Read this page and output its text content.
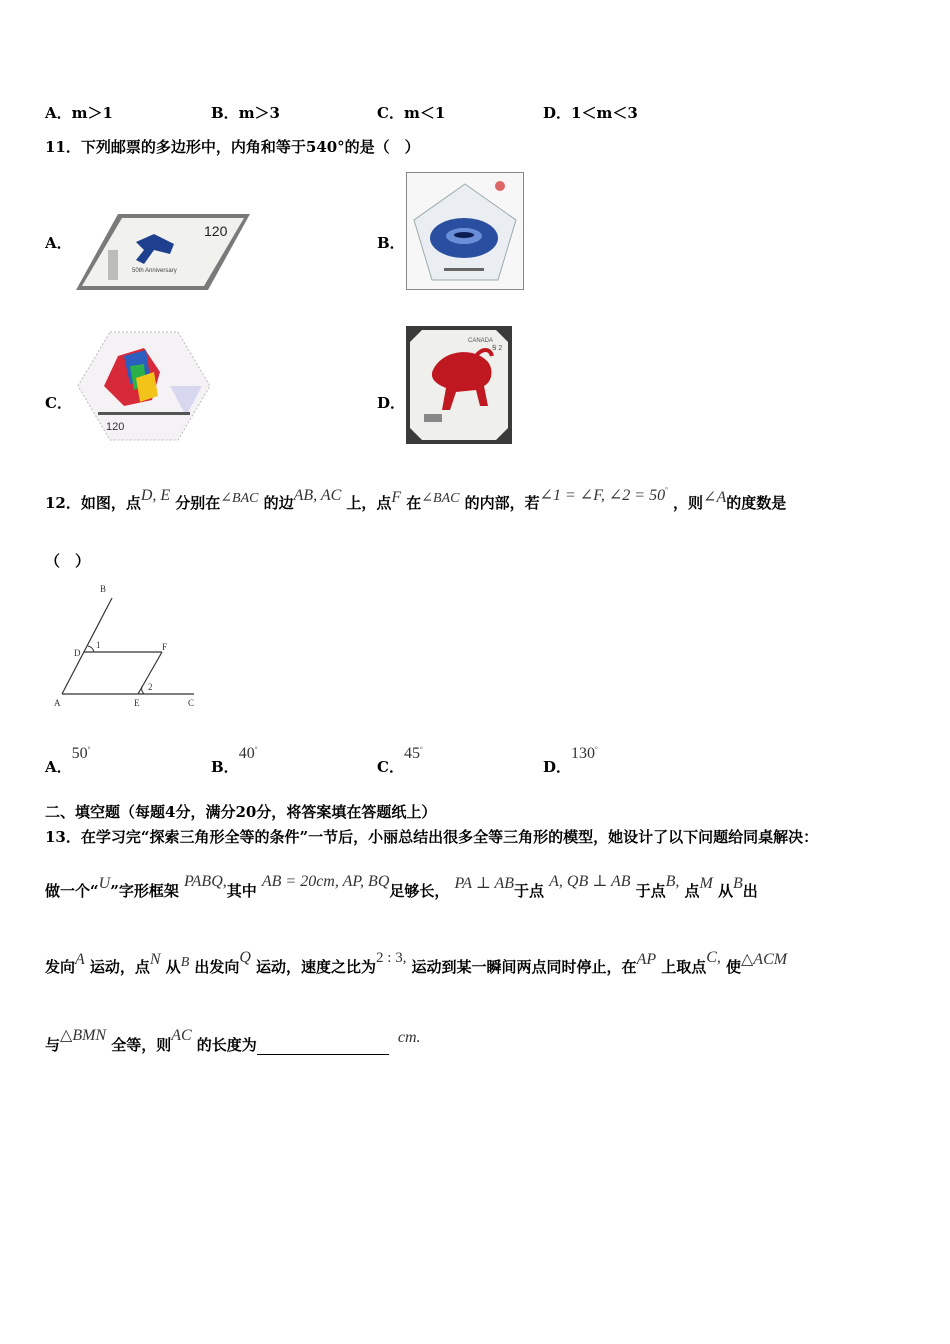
A．m＞1	B．m＞3	C．m＜1	D．1＜m＜3
11．下列邮票的多边形中，内角和等于540°的是（　）
A．
120
50th Anniversary
B．
C．
120
D．
CANADA
Ꞩ 2
12．如图，点D, E 分别在∠BAC 的边AB, AC 上，点F 在∠BAC 的内部，若∠1 = ∠F, ∠2 = 50° ，则∠A的度数是
（　）
B
D
1	F
2
A	E	C
A．50°
B．40°
C．45°
D．130°
二、填空题（每题4分，满分20分，将答案填在答题纸上）
13．在学习完“探索三角形全等的条件”一节后，小丽总结出很多全等三角形的模型，她设计了以下问题给同桌解决：
做一个“U”字形框架 PABQ,其中 AB = 20cm, AP, BQ足够长， PA ⊥ AB于点 A, QB ⊥ AB 于点B, 点M 从B出
发向A 运动，点N 从B 出发向Q 运动，速度之比为2 : 3, 运动到某一瞬间两点同时停止，在AP 上取点C, 使△ACM
与△BMN 全等，则AC 的长度为	cm.
